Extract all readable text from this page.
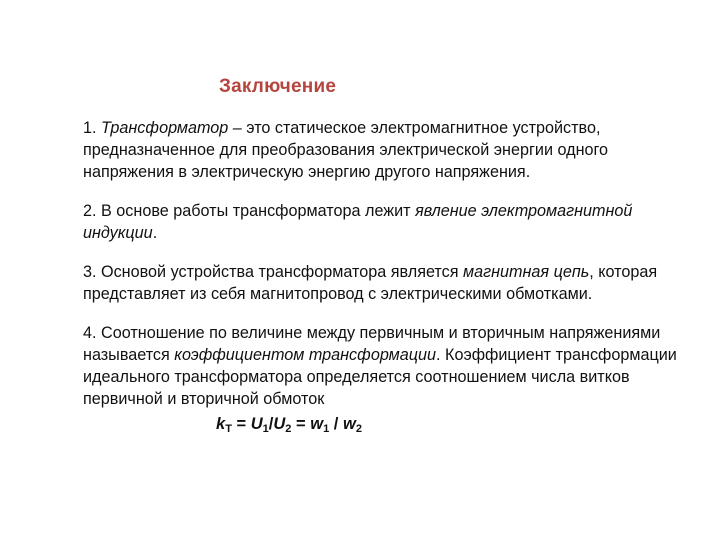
Заключение

1. Трансформатор – это статическое электромагнитное устройство, предназначенное для преобразования электрической энергии одного напряжения в электрическую энергию другого напряжения.

2. В основе работы трансформатора лежит явление электромагнитной индукции.

3. Основой устройства трансформатора является магнитная цепь, которая представляет из себя магнитопровод с электрическими обмотками.

4. Соотношение по величине между первичным и вторичным напряжениями называется коэффициентом трансформации. Коэффициент трансформации идеального трансформатора определяется соотношением числа витков первичной и вторичной обмоток

$k_T = U_1/U_2 = w_1 / w_2$
